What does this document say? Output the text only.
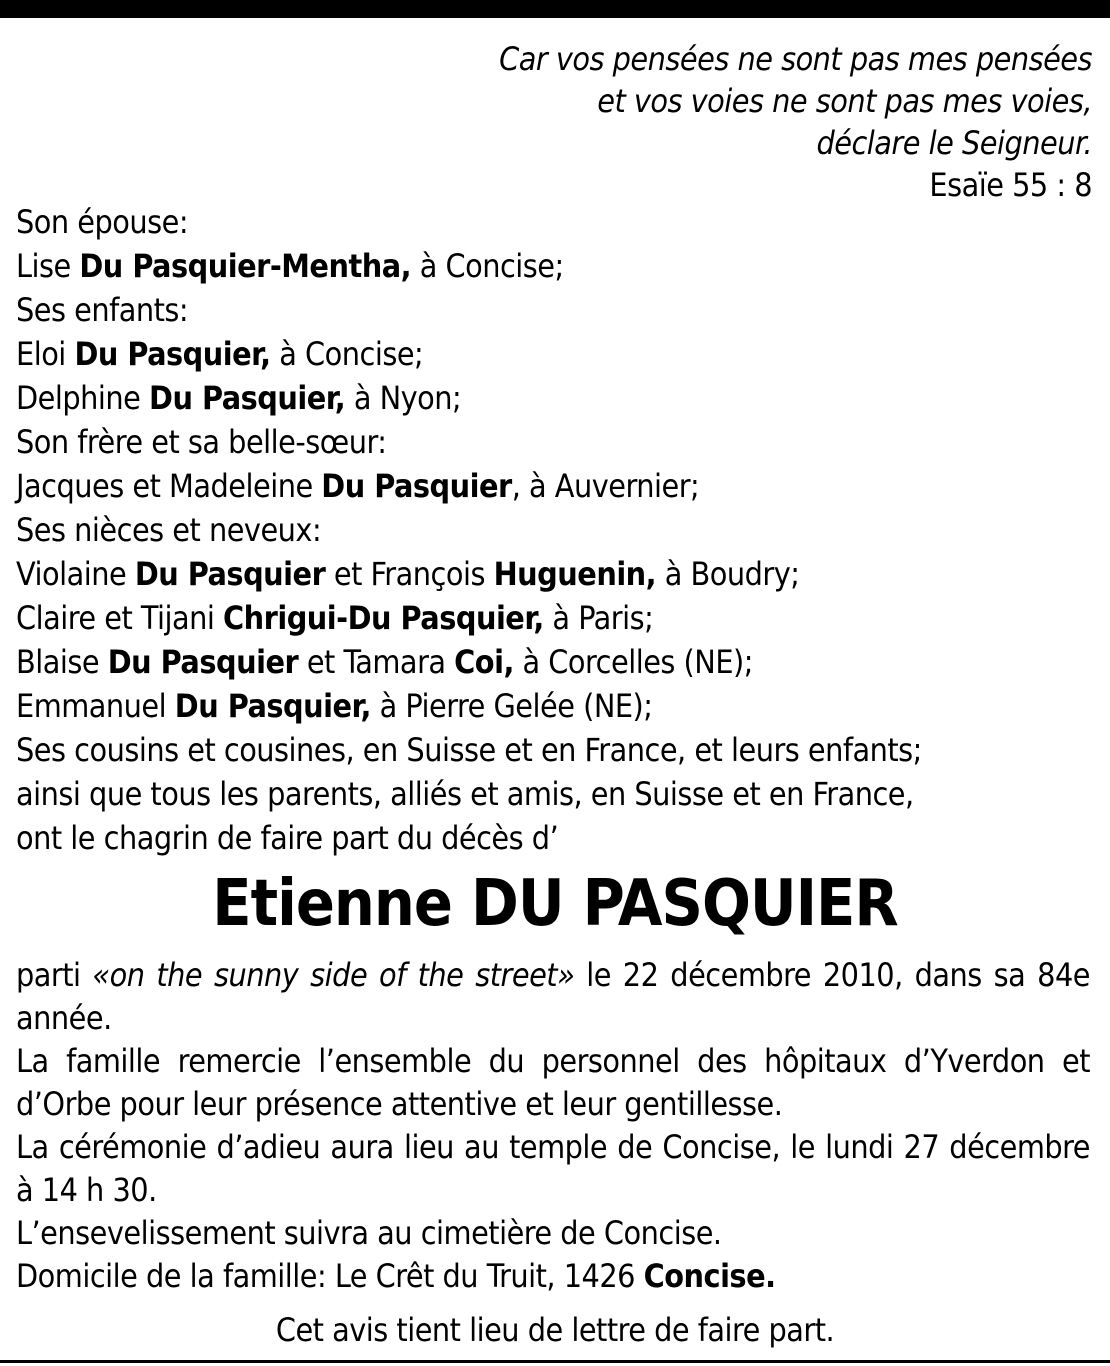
Car vos pensées ne sont pas mes pensées
et vos voies ne sont pas mes voies,
déclare le Seigneur.
Esaïe 55 : 8
Son épouse:
Lise Du Pasquier-Mentha, à Concise;
Ses enfants:
Eloi Du Pasquier, à Concise;
Delphine Du Pasquier, à Nyon;
Son frère et sa belle-sœur:
Jacques et Madeleine Du Pasquier, à Auvernier;
Ses nièces et neveux:
Violaine Du Pasquier et François Huguenin, à Boudry;
Claire et Tijani Chrigui-Du Pasquier, à Paris;
Blaise Du Pasquier et Tamara Coi, à Corcelles (NE);
Emmanuel Du Pasquier, à Pierre Gelée (NE);
Ses cousins et cousines, en Suisse et en France, et leurs enfants;
ainsi que tous les parents, alliés et amis, en Suisse et en France,
ont le chagrin de faire part du décès d’
Etienne DU PASQUIER

parti «on the sunny side of the street» le 22 décembre 2010, dans sa 84e année.

La famille remercie l’ensemble du personnel des hôpitaux d’Yverdon et d’Orbe pour leur présence attentive et leur gentillesse.

La cérémonie d’adieu aura lieu au temple de Concise, le lundi 27 décembre à 14 h 30.

L’ensevelissement suivra au cimetière de Concise.

Domicile de la famille: Le Crêt du Truit, 1426 Concise.

Cet avis tient lieu de lettre de faire part.
